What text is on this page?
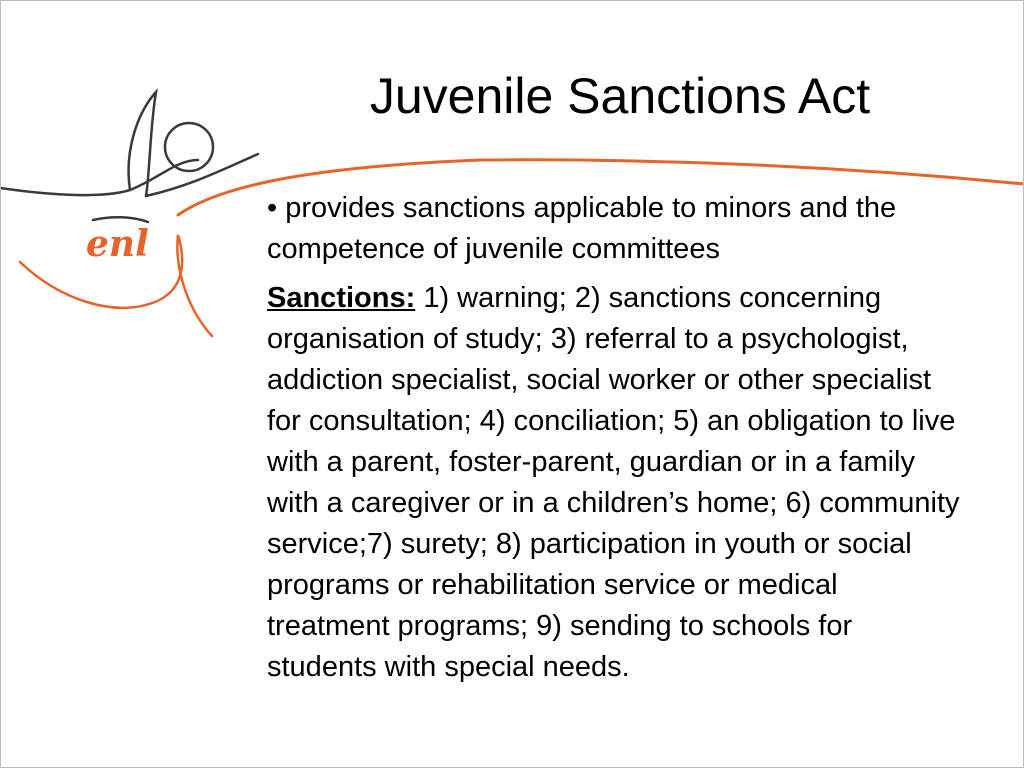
enl
Juvenile Sanctions Act

• provides sanctions applicable to minors and the competence of juvenile committees

Sanctions: 1) warning; 2) sanctions concerning organisation of study; 3) referral to a psychologist, addiction specialist, social worker or other specialist for consultation; 4) conciliation; 5) an obligation to live with a parent, foster-parent, guardian or in a family with a caregiver or in a children’s home; 6) community service;7) surety; 8) participation in youth or social programs or rehabilitation service or medical treatment programs; 9) sending to schools for students with special needs.
